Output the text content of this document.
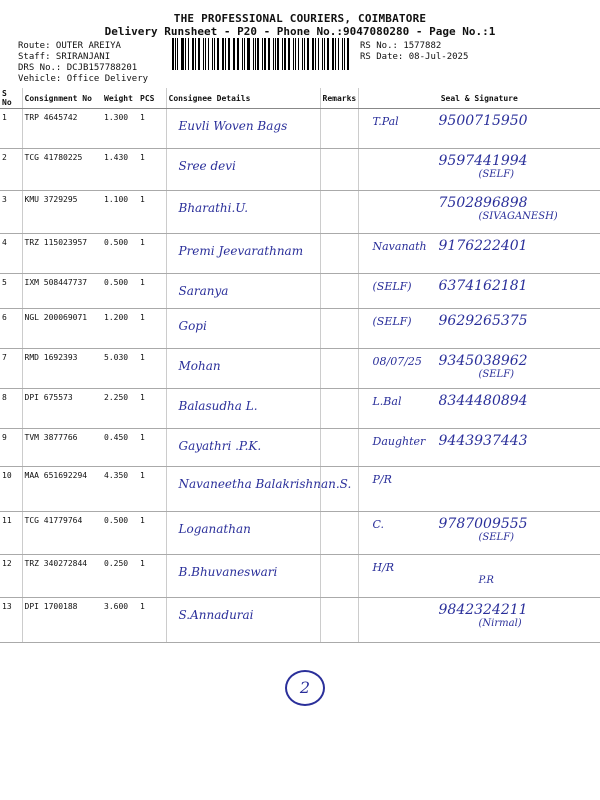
THE PROFESSIONAL COURIERS, COIMBATORE
Delivery Runsheet - P20 - Phone No.:9047080280 - Page No.:1
Route: OUTER AREIYA
Staff: SRIRANJANI
DRS No.: DCJB157788201
Vehicle: Office Delivery
RS No.: 1577882
RS Date: 08-Jul-2025
S No	Consignment No	Weight	PCS	Consignee Details	Remarks	Seal & Signature
1	TRP 4645742	1.300	1	Euvli Woven Bags		T.Pal 9500715950

2	TCG 41780225	1.430	1	Sree devi		9597441994
(SELF)

3	KMU 3729295	1.100	1	Bharathi.U.		7502896898
(SIVAGANESH)

4	TRZ 115023957	0.500	1	Premi Jeevarathnam		Navanath 9176222401

5	IXM 508447737	0.500	1	Saranya		(SELF) 6374162181

6	NGL 200069071	1.200	1	Gopi		(SELF) 9629265375

7	RMD 1692393	5.030	1	Mohan		08/07/25 9345038962
(SELF)

8	DPI 675573	2.250	1	Balasudha L.		L.Bal 8344480894

9	TVM 3877766	0.450	1	Gayathri .P.K.		Daughter 9443937443

10	MAA 651692294	4.350	1	Navaneetha Balakrishnan.S.		P/R

11	TCG 41779764	0.500	1	Loganathan		C. 9787009555
(SELF)

12	TRZ 340272844	0.250	1	B.Bhuvaneswari		H/R
P.R

13	DPI 1700188	3.600	1	S.Annadurai		9842324211
(Nirmal)
2
